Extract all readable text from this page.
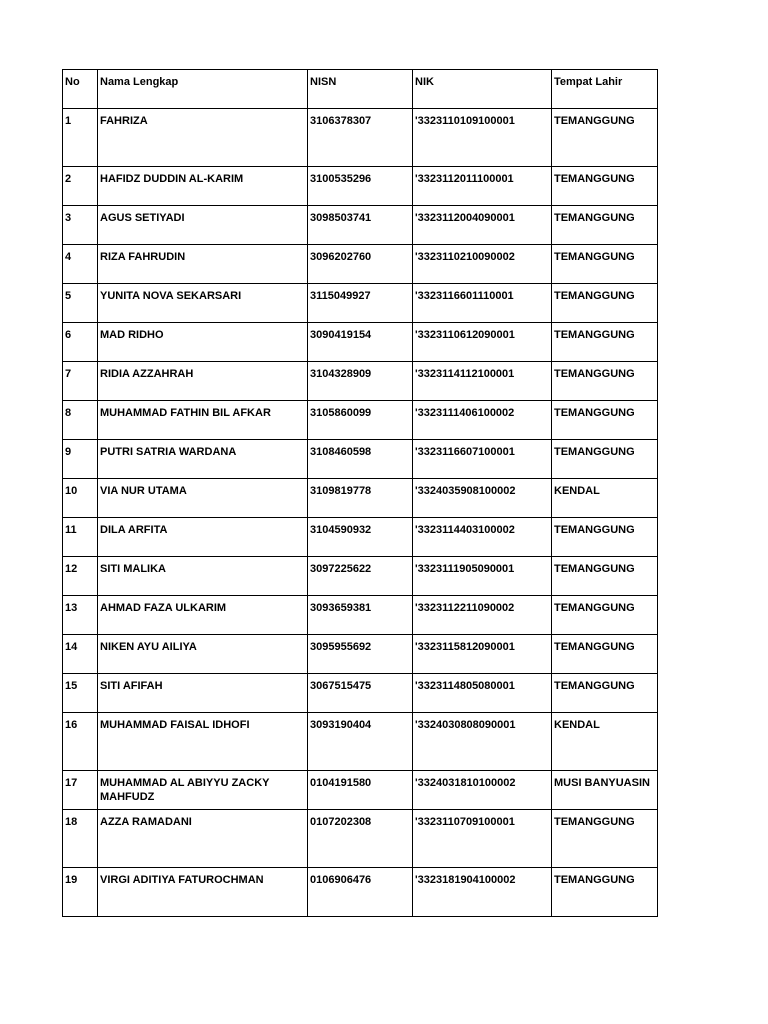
No	Nama Lengkap	NISN	NIK	Tempat Lahir
1	FAHRIZA	3106378307	'3323110109100001	TEMANGGUNG
2	HAFIDZ DUDDIN AL-KARIM	3100535296	'3323112011100001	TEMANGGUNG
3	AGUS SETIYADI	3098503741	'3323112004090001	TEMANGGUNG
4	RIZA FAHRUDIN	3096202760	'3323110210090002	TEMANGGUNG
5	YUNITA NOVA SEKARSARI	3115049927	'3323116601110001	TEMANGGUNG
6	MAD RIDHO	3090419154	'3323110612090001	TEMANGGUNG
7	RIDIA AZZAHRAH	3104328909	'3323114112100001	TEMANGGUNG
8	MUHAMMAD FATHIN BIL AFKAR	3105860099	'3323111406100002	TEMANGGUNG
9	PUTRI SATRIA WARDANA	3108460598	'3323116607100001	TEMANGGUNG
10	VIA NUR UTAMA	3109819778	'3324035908100002	KENDAL
11	DILA ARFITA	3104590932	'3323114403100002	TEMANGGUNG
12	SITI MALIKA	3097225622	'3323111905090001	TEMANGGUNG
13	AHMAD FAZA ULKARIM	3093659381	'3323112211090002	TEMANGGUNG
14	NIKEN AYU AILIYA	3095955692	'3323115812090001	TEMANGGUNG
15	SITI AFIFAH	3067515475	'3323114805080001	TEMANGGUNG
16	MUHAMMAD FAISAL IDHOFI	3093190404	'3324030808090001	KENDAL
17	MUHAMMAD AL ABIYYU ZACKY MAHFUDZ	0104191580	'3324031810100002	MUSI BANYUASIN
18	AZZA RAMADANI	0107202308	'3323110709100001	TEMANGGUNG
19	VIRGI ADITIYA FATUROCHMAN	0106906476	'3323181904100002	TEMANGGUNG
